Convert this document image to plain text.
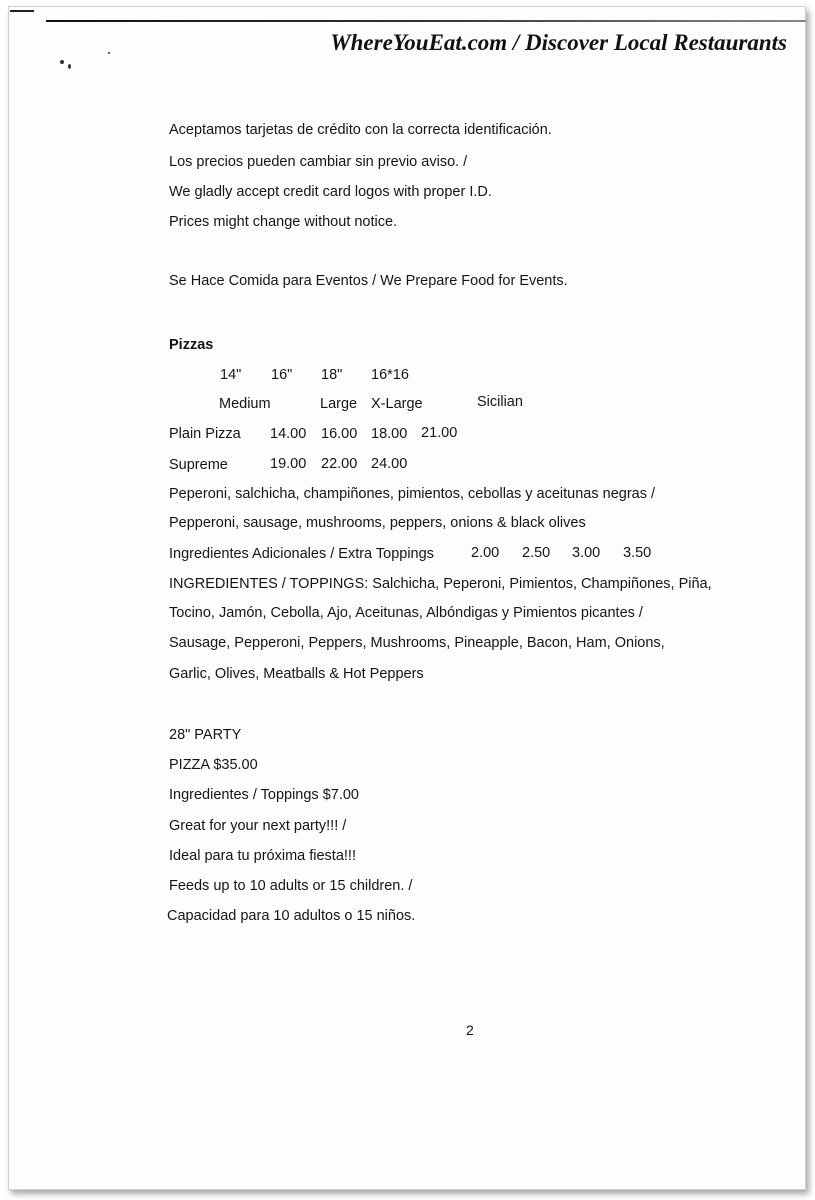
WhereYouEat.com / Discover Local Restaurants
Aceptamos tarjetas de crédito con la correcta identificación.
Los precios pueden cambiar sin previo aviso. /
We gladly accept credit card logos with proper I.D.
Prices might change without notice.
Se Hace Comida para Eventos / We Prepare Food for Events.
Pizzas
14" 16" 18" 16*16
Medium	Large X-Large	Sicilian
Plain Pizza 14.00 16.00 18.00 21.00
Supreme	19.00 22.00 24.00
Peperoni, salchicha, champiñones, pimientos, cebollas y aceitunas negras /
Pepperoni, sausage, mushrooms, peppers, onions & black olives
Ingredientes Adicionales / Extra Toppings	2.00 2.50 3.00 3.50
INGREDIENTES / TOPPINGS: Salchicha, Peperoni, Pimientos, Champiñones, Piña,
Tocino, Jamón, Cebolla, Ajo, Aceitunas, Albóndigas y Pimientos picantes /
Sausage, Pepperoni, Peppers, Mushrooms, Pineapple, Bacon, Ham, Onions,
Garlic, Olives, Meatballs & Hot Peppers
28" PARTY
PIZZA $35.00
Ingredientes / Toppings $7.00
Great for your next party!!! /
Ideal para tu próxima fiesta!!!
Feeds up to 10 adults or 15 children. /
Capacidad para 10 adultos o 15 niños.
2
